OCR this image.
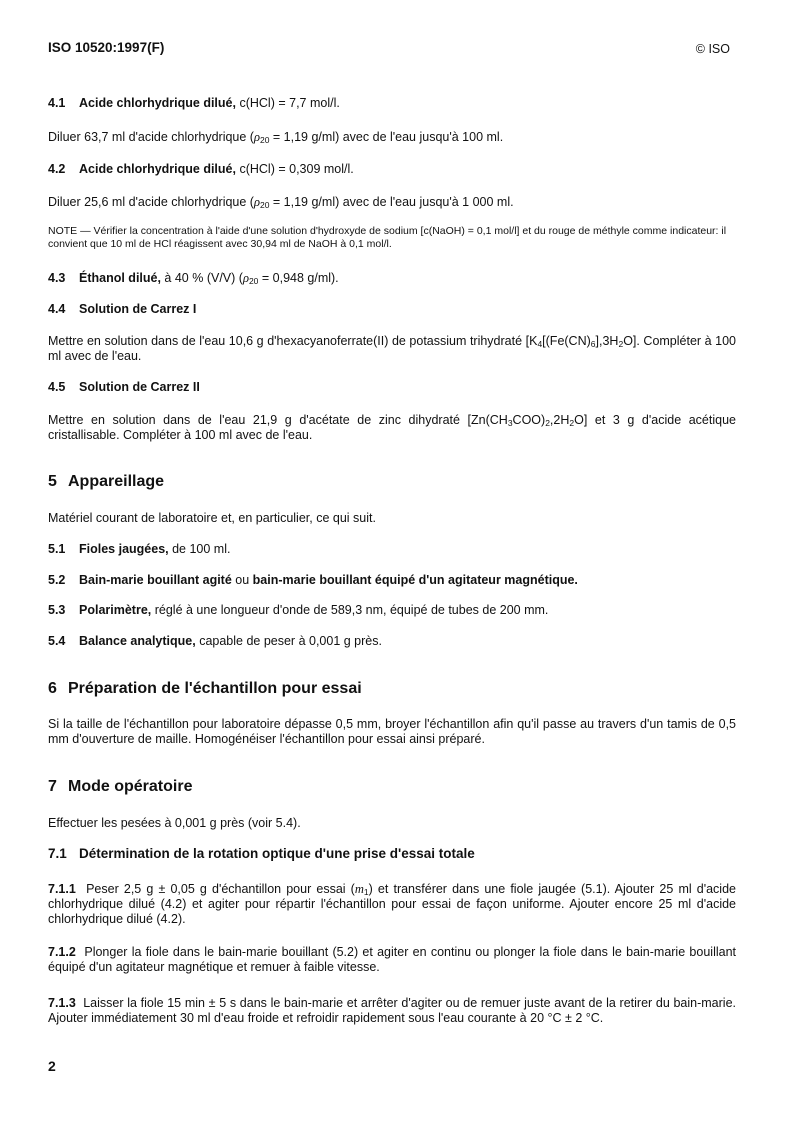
ISO 10520:1997(F)	© ISO
4.1 Acide chlorhydrique dilué, c(HCl) = 7,7 mol/l.
Diluer 63,7 ml d'acide chlorhydrique ($\rho_{20} = 1,19$ g/ml) avec de l'eau jusqu'à 100 ml.
4.2 Acide chlorhydrique dilué, c(HCl) = 0,309 mol/l.
Diluer 25,6 ml d'acide chlorhydrique ($\rho_{20} = 1,19$ g/ml) avec de l'eau jusqu'à 1 000 ml.
NOTE — Vérifier la concentration à l'aide d'une solution d'hydroxyde de sodium [c(NaOH) = 0,1 mol/l] et du rouge de méthyle comme indicateur: il convient que 10 ml de HCl réagissent avec 30,94 ml de NaOH à 0,1 mol/l.
4.3 Éthanol dilué, à 40 % (V/V) ($\rho_{20} = 0,948$ g/ml).
4.4 Solution de Carrez I
Mettre en solution dans de l'eau 10,6 g d'hexacyanoferrate(II) de potassium trihydraté [$K_4[(Fe(CN)_6],3H_2O]$. Compléter à 100 ml avec de l'eau.
4.5 Solution de Carrez II
Mettre en solution dans de l'eau 21,9 g d'acétate de zinc dihydraté $[Zn(CH_3COO)_2,2H_2O]$ et 3 g d'acide acétique cristallisable. Compléter à 100 ml avec de l'eau.
5 Appareillage
Matériel courant de laboratoire et, en particulier, ce qui suit.
5.1 Fioles jaugées, de 100 ml.
5.2 Bain-marie bouillant agité ou bain-marie bouillant équipé d'un agitateur magnétique.
5.3 Polarimètre, réglé à une longueur d'onde de 589,3 nm, équipé de tubes de 200 mm.
5.4 Balance analytique, capable de peser à 0,001 g près.
6 Préparation de l'échantillon pour essai
Si la taille de l'échantillon pour laboratoire dépasse 0,5 mm, broyer l'échantillon afin qu'il passe au travers d'un tamis de 0,5 mm d'ouverture de maille. Homogénéiser l'échantillon pour essai ainsi préparé.
7 Mode opératoire
Effectuer les pesées à 0,001 g près (voir 5.4).
7.1 Détermination de la rotation optique d'une prise d'essai totale
7.1.1 Peser 2,5 g ± 0,05 g d'échantillon pour essai $(m_1)$ et transférer dans une fiole jaugée (5.1). Ajouter 25 ml d'acide chlorhydrique dilué (4.2) et agiter pour répartir l'échantillon pour essai de façon uniforme. Ajouter encore 25 ml d'acide chlorhydrique dilué (4.2).
7.1.2 Plonger la fiole dans le bain-marie bouillant (5.2) et agiter en continu ou plonger la fiole dans le bain-marie bouillant équipé d'un agitateur magnétique et remuer à faible vitesse.
7.1.3 Laisser la fiole 15 min ± 5 s dans le bain-marie et arrêter d'agiter ou de remuer juste avant de la retirer du bain-marie. Ajouter immédiatement 30 ml d'eau froide et refroidir rapidement sous l'eau courante à 20 °C ± 2 °C.
2
